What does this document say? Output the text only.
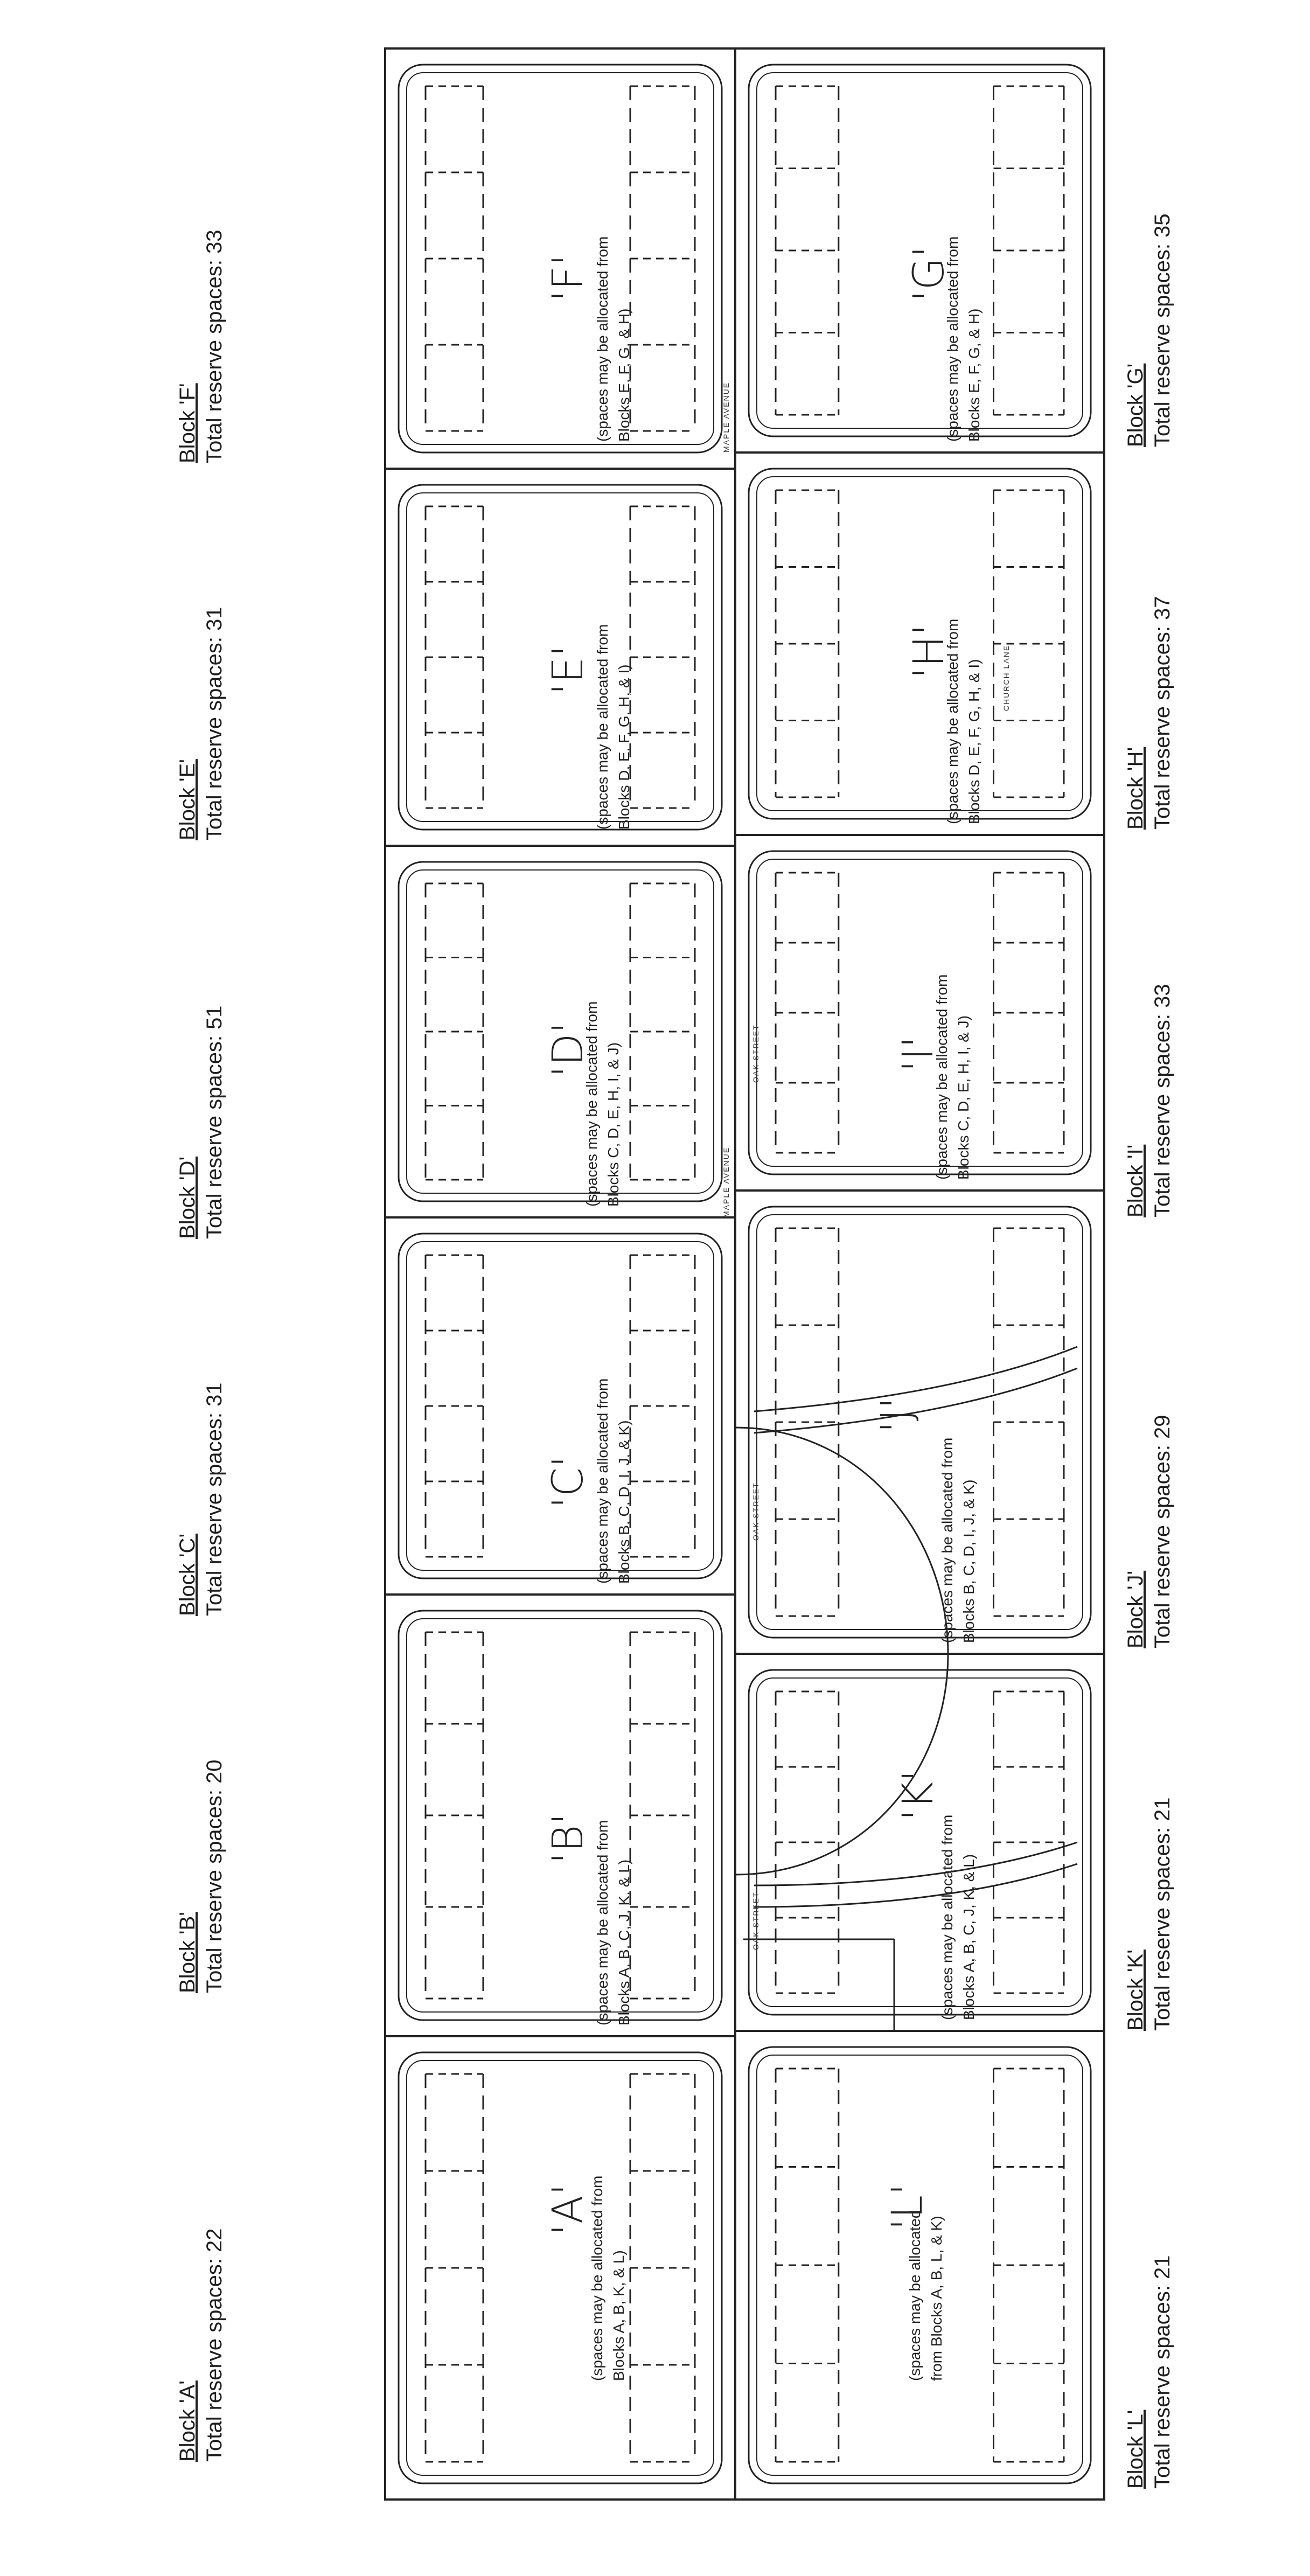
Block 'A' Total reserve spaces: 22
Block 'B' Total reserve spaces: 20
Block 'C' Total reserve spaces: 31
Block 'D' Total reserve spaces: 51
Block 'E' Total reserve spaces: 31
Block 'F' Total reserve spaces: 33	Block 'G' Total reserve spaces: 35
Block 'H' Total reserve spaces: 37
Block 'I' Total reserve spaces: 33
Block 'J' Total reserve spaces: 29
Block 'K' Total reserve spaces: 21
Block 'L' Total reserve spaces: 21
'A'
(spaces may be allocated from Blocks A, B, K, & L)
'B' (spaces may be allocated from Blocks A, B, C, J, K, & L)
'C' (spaces may be allocated from Blocks B, C, D, I, J, & K)
'D'
(spaces may be allocated from Blocks C, D, E, H, I, & J)
'E' (spaces may be allocated from Blocks D, E, F, G, H, & I)
'F' (spaces may be allocated from Blocks E, F, G, & H)
'G'
(spaces may be allocated from Blocks E, F, G, & H)
'H'
(spaces may be allocated from Blocks D, E, F, G, H, & I)
'I'
(spaces may be allocated from Blocks C, D, E, H, I, & J)
'J'
(spaces may be allocated from Blocks B, C, D, I, J, & K)
'K'
(spaces may be allocated from Blocks A, B, C, J, K, & L)
'L'
(spaces may be allocated from Blocks A, B, L, & K)
MAPLE AVENUE
MAPLE AVENUE
OAK STREET
OAK STREET
OAK STREET
CHURCH LANE
